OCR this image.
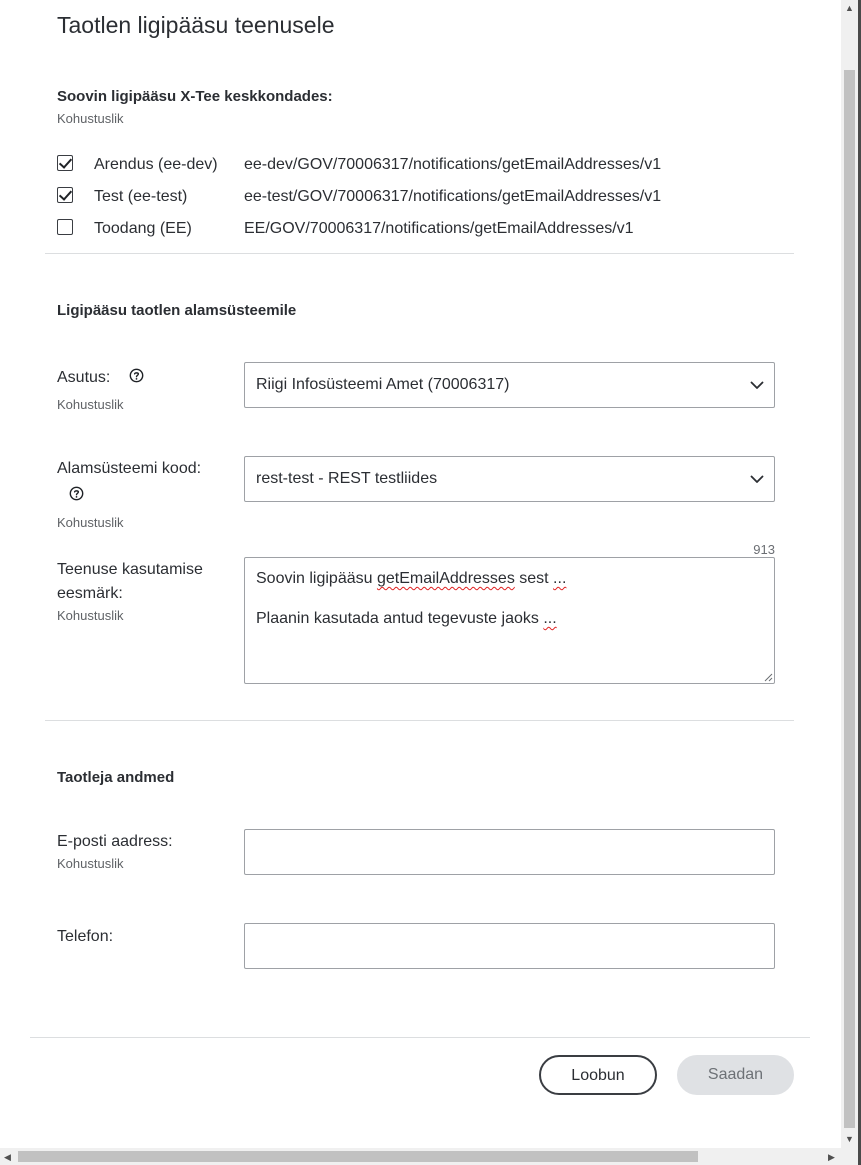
Taotlen ligipääsu teenusele
Soovin ligipääsu X-Tee keskkondades:
Kohustuslik
Arendus (ee-dev) ee-dev/GOV/70006317/notifications/getEmailAddresses/v1
Test (ee-test)	ee-test/GOV/70006317/notifications/getEmailAddresses/v1
Toodang (EE)	EE/GOV/70006317/notifications/getEmailAddresses/v1
Ligipääsu taotlen alamsüsteemile
Asutus:
Kohustuslik
Riigi Infosüsteemi Amet (70006317)
Alamsüsteemi kood:
Kohustuslik
rest-test - REST testliides
913
Teenuse kasutamise
eesmärk:
Kohustuslik
Soovin ligipääsu getEmailAddresses sest ...
Plaanin kasutada antud tegevuste jaoks ...
Taotleja andmed
E-posti aadress:
Kohustuslik
Telefon:
Loobun	Saadan
▲
▼
◀	▶
